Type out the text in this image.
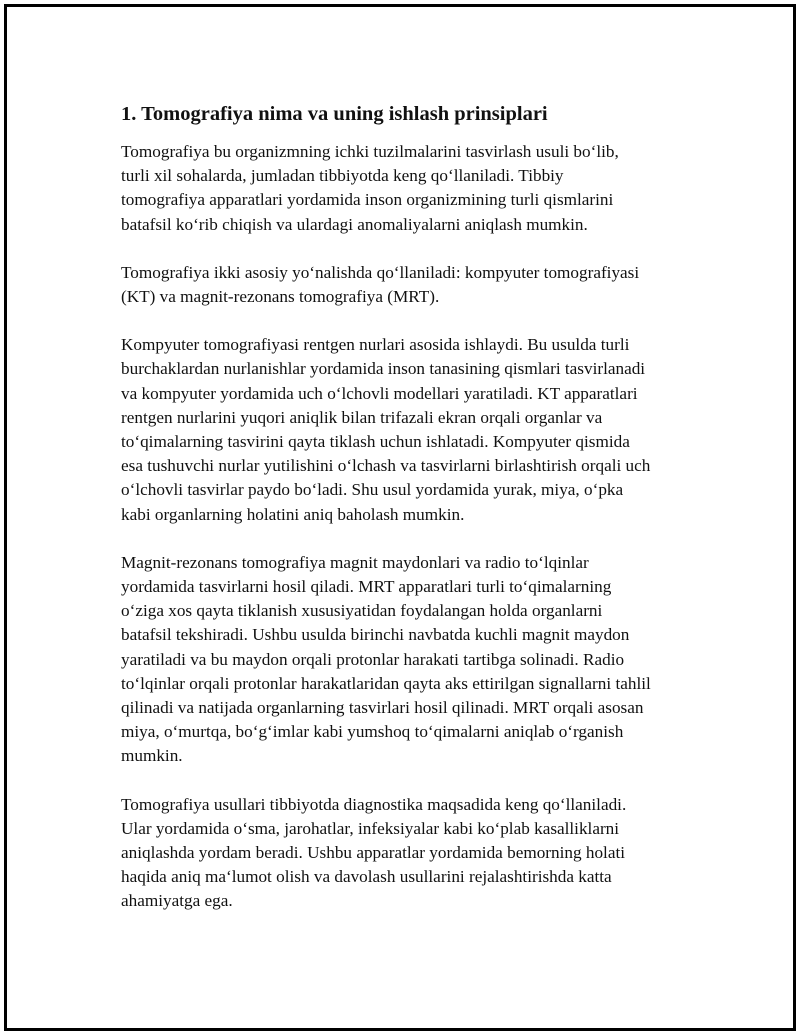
1. Tomografiya nima va uning ishlash prinsiplari
Tomografiya bu organizmning ichki tuzilmalarini tasvirlash usuli bo‘lib,
turli xil sohalarda, jumladan tibbiyotda keng qo‘llaniladi. Tibbiy
tomografiya apparatlari yordamida inson organizmining turli qismlarini
batafsil ko‘rib chiqish va ulardagi anomaliyalarni aniqlash mumkin.
Tomografiya ikki asosiy yo‘nalishda qo‘llaniladi: kompyuter tomografiyasi
(KT) va magnit-rezonans tomografiya (MRT).
Kompyuter tomografiyasi rentgen nurlari asosida ishlaydi. Bu usulda turli
burchaklardan nurlanishlar yordamida inson tanasining qismlari tasvirlanadi
va kompyuter yordamida uch o‘lchovli modellari yaratiladi. KT apparatlari
rentgen nurlarini yuqori aniqlik bilan trifazali ekran orqali organlar va
to‘qimalarning tasvirini qayta tiklash uchun ishlatadi. Kompyuter qismida
esa tushuvchi nurlar yutilishini o‘lchash va tasvirlarni birlashtirish orqali uch
o‘lchovli tasvirlar paydo bo‘ladi. Shu usul yordamida yurak, miya, o‘pka
kabi organlarning holatini aniq baholash mumkin.
Magnit-rezonans tomografiya magnit maydonlari va radio to‘lqinlar
yordamida tasvirlarni hosil qiladi. MRT apparatlari turli to‘qimalarning
o‘ziga xos qayta tiklanish xususiyatidan foydalangan holda organlarni
batafsil tekshiradi. Ushbu usulda birinchi navbatda kuchli magnit maydon
yaratiladi va bu maydon orqali protonlar harakati tartibga solinadi. Radio
to‘lqinlar orqali protonlar harakatlaridan qayta aks ettirilgan signallarni tahlil
qilinadi va natijada organlarning tasvirlari hosil qilinadi. MRT orqali asosan
miya, o‘murtqa, bo‘g‘imlar kabi yumshoq to‘qimalarni aniqlab o‘rganish
mumkin.
Tomografiya usullari tibbiyotda diagnostika maqsadida keng qo‘llaniladi.
Ular yordamida o‘sma, jarohatlar, infeksiyalar kabi ko‘plab kasalliklarni
aniqlashda yordam beradi. Ushbu apparatlar yordamida bemorning holati
haqida aniq ma‘lumot olish va davolash usullarini rejalashtirishda katta
ahamiyatga ega.
